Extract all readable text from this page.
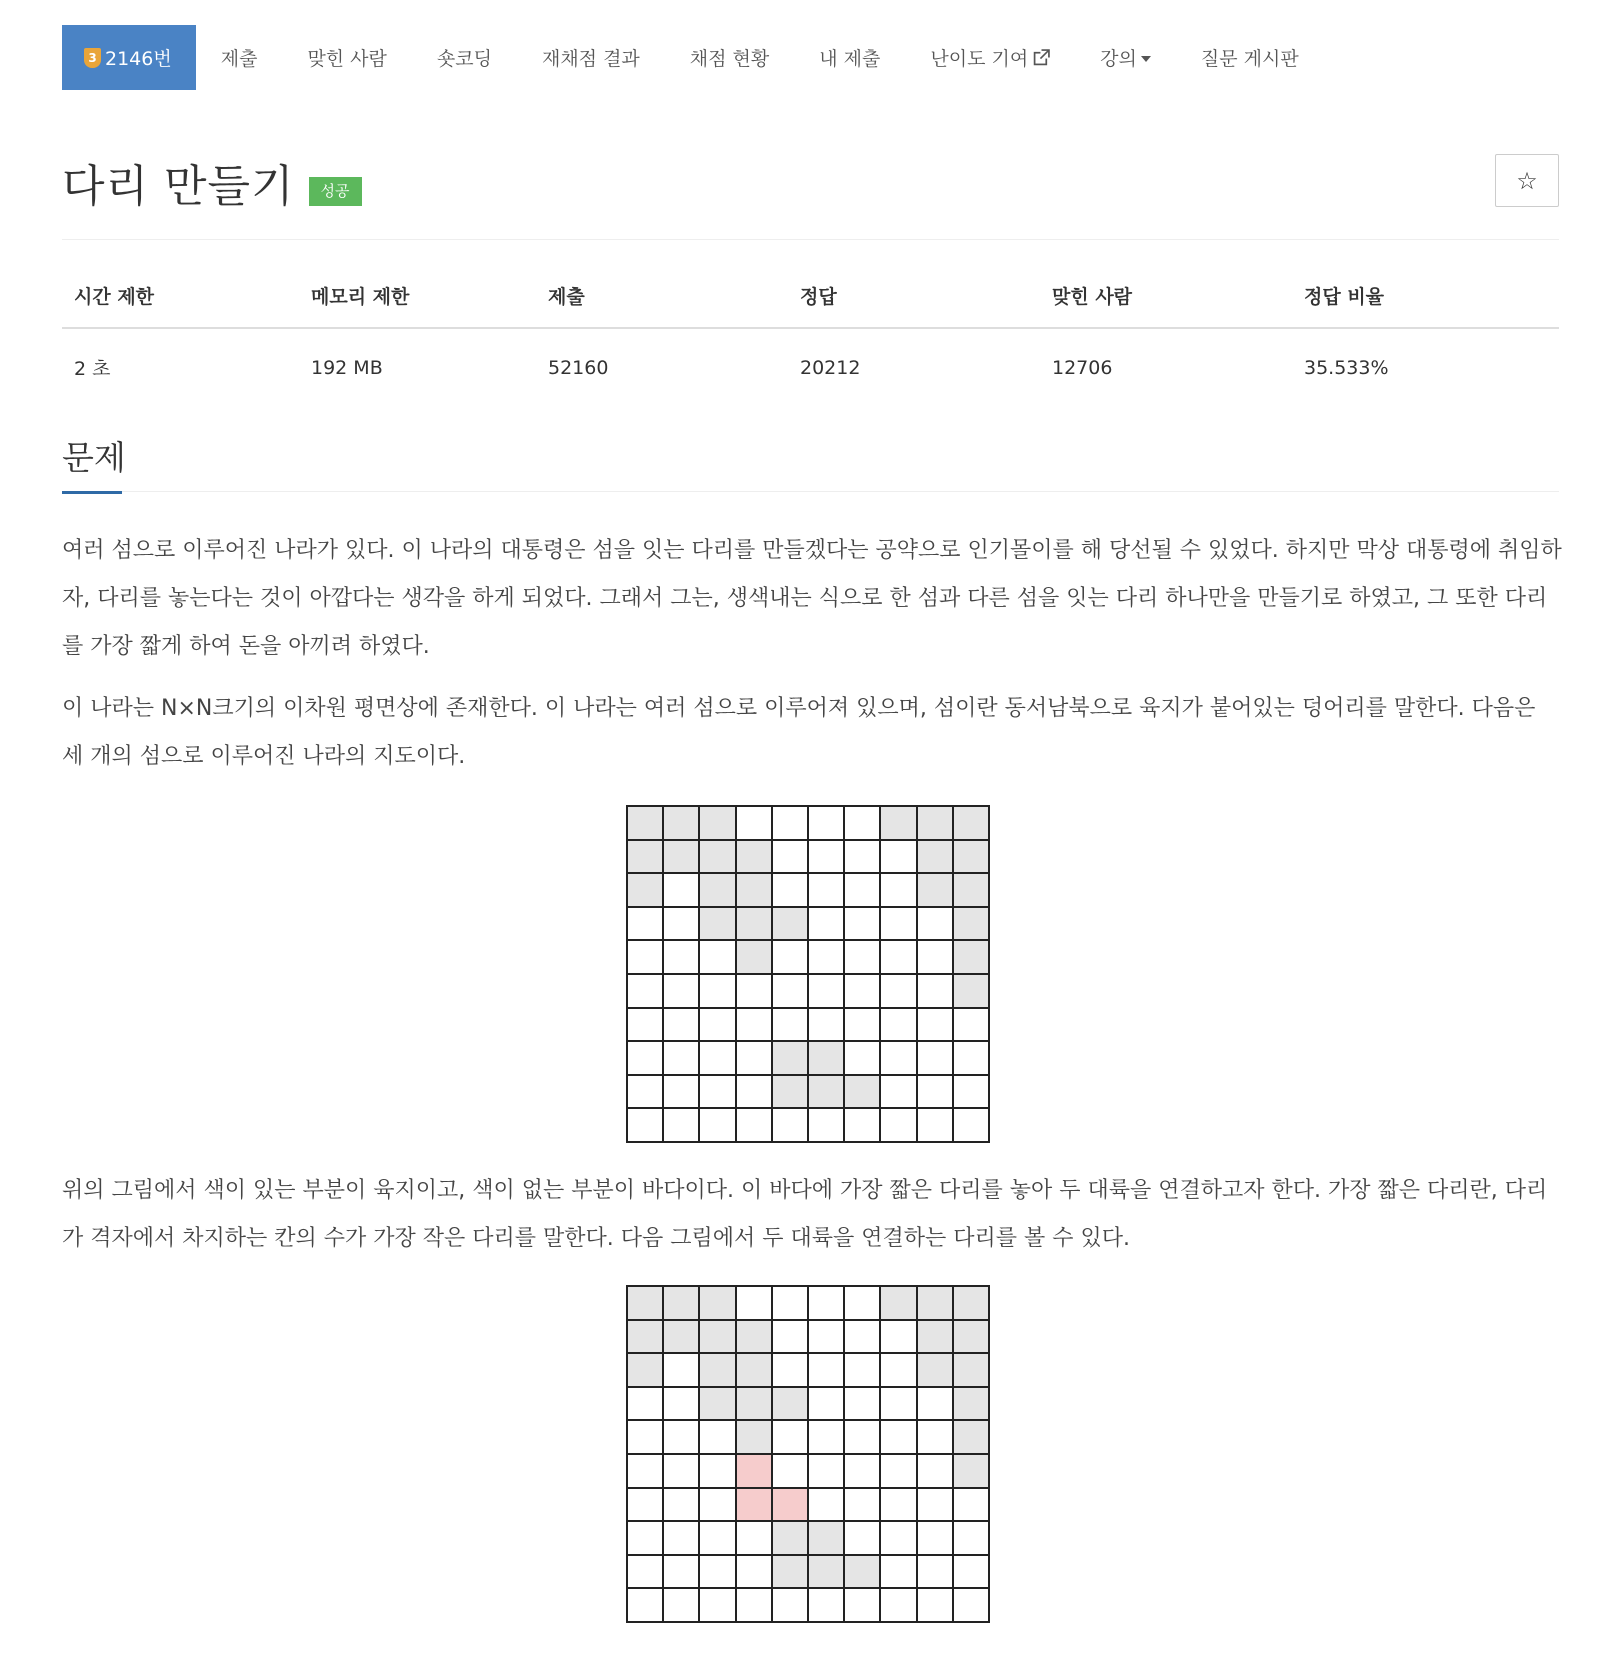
3 2146번	제출	맞힌 사람	숏코딩	재채점 결과	채점 현황	내 제출	난이도 기여	강의	질문 게시판
다리 만들기	성공	☆
시간 제한	메모리 제한	제출	정답	맞힌 사람	정답 비율
2 초	192 MB	52160	20212	12706	35.533%
문제

여러 섬으로 이루어진 나라가 있다. 이 나라의 대통령은 섬을 잇는 다리를 만들겠다는 공약으로 인기몰이를 해 당선될 수 있었다. 하지만 막상 대통령에 취임하자, 다리를 놓는다는 것이 아깝다는 생각을 하게 되었다. 그래서 그는, 생색내는 식으로 한 섬과 다른 섬을 잇는 다리 하나만을 만들기로 하였고, 그 또한 다리를 가장 짧게 하여 돈을 아끼려 하였다.

이 나라는 N×N크기의 이차원 평면상에 존재한다. 이 나라는 여러 섬으로 이루어져 있으며, 섬이란 동서남북으로 육지가 붙어있는 덩어리를 말한다. 다음은 세 개의 섬으로 이루어진 나라의 지도이다.

위의 그림에서 색이 있는 부분이 육지이고, 색이 없는 부분이 바다이다. 이 바다에 가장 짧은 다리를 놓아 두 대륙을 연결하고자 한다. 가장 짧은 다리란, 다리가 격자에서 차지하는 칸의 수가 가장 작은 다리를 말한다. 다음 그림에서 두 대륙을 연결하는 다리를 볼 수 있다.
